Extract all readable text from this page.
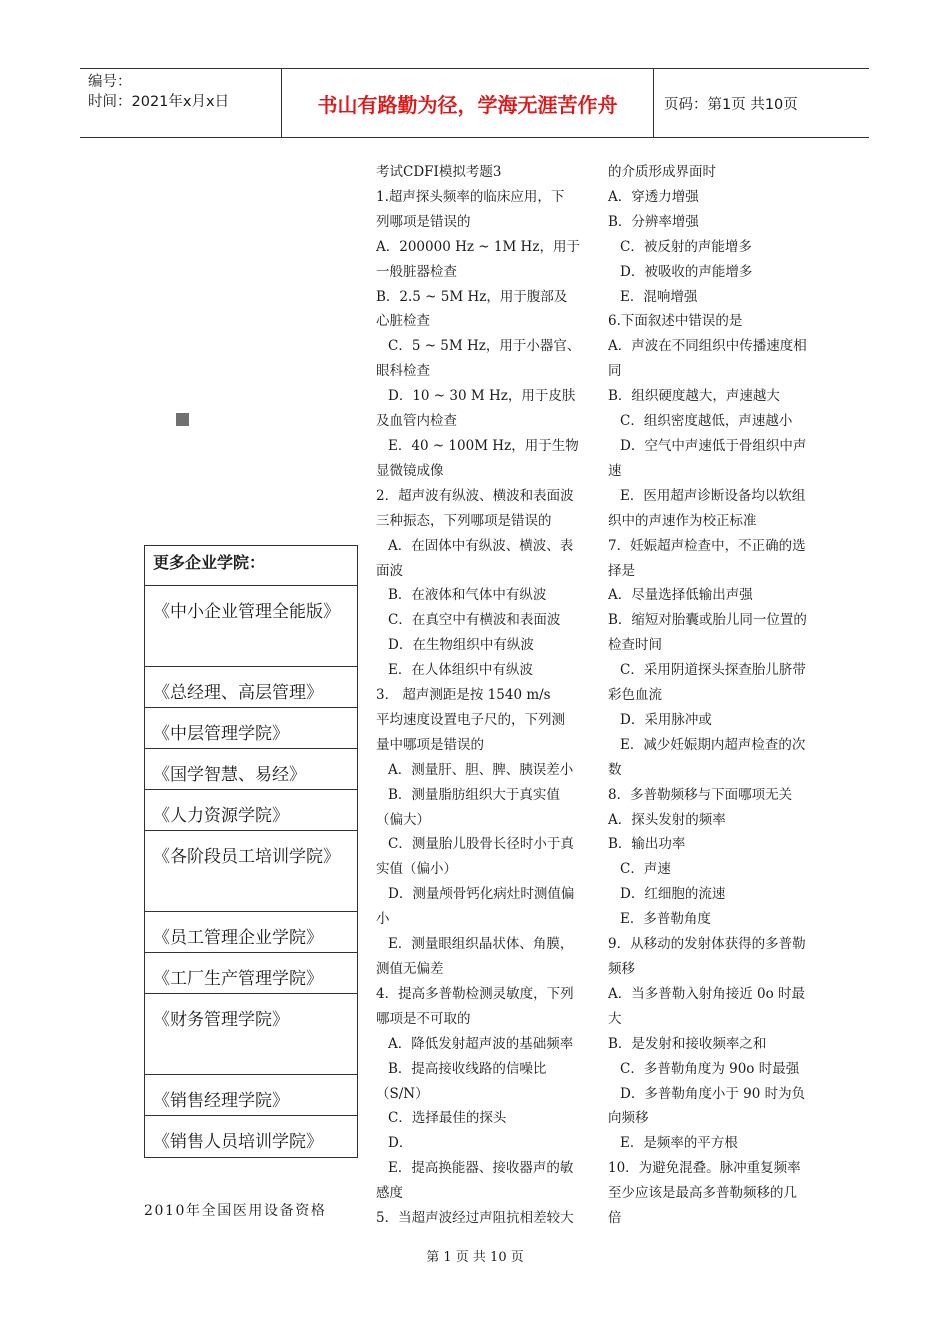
编号：
时间：2021年x月x日	书山有路勤为径，学海无涯苦作舟	页码：第1页 共10页
更多企业学院：
《中小企业管理全能版》
《总经理、高层管理》
《中层管理学院》
《国学智慧、易经》
《人力资源学院》
《各阶段员工培训学院》
《员工管理企业学院》
《工厂生产管理学院》
《财务管理学院》
《销售经理学院》
《销售人员培训学院》
2010年全国医用设备资格
考试CDFI模拟考题3
1.超声探头频率的临床应用，下
列哪项是错误的
A．200000 Hz ~ 1M Hz，用于
一般脏器检查
B．2.5 ~ 5M Hz，用于腹部及
心脏检查
C．5 ~ 5M Hz，用于小器官、
眼科检查
D．10 ~ 30 M Hz，用于皮肤
及血管内检查
E．40 ~ 100M Hz，用于生物
显微镜成像
2．超声波有纵波、横波和表面波
三种振态，下列哪项是错误的
A．在固体中有纵波、横波、表
面波
B．在液体和气体中有纵波
C．在真空中有横波和表面波
D．在生物组织中有纵波
E．在人体组织中有纵波
3． 超声测距是按 1540 m/s
平均速度设置电子尺的，下列测
量中哪项是错误的
A．测量肝、胆、脾、胰误差小
B．测量脂肪组织大于真实值
（偏大）
C．测量胎儿股骨长径时小于真
实值（偏小）
D．测量颅骨钙化病灶时测值偏
小
E．测量眼组织晶状体、角膜，
测值无偏差
4．提高多普勒检测灵敏度，下列
哪项是不可取的
A．降低发射超声波的基础频率
B．提高接收线路的信噪比
（S/N）
C．选择最佳的探头
D．
E．提高换能器、接收器声的敏
感度
5．当超声波经过声阻抗相差较大
的介质形成界面时
A．穿透力增强
B．分辨率增强
C．被反射的声能增多
D．被吸收的声能增多
E．混响增强
6.下面叙述中错误的是
A．声波在不同组织中传播速度相
同
B．组织硬度越大，声速越大
C．组织密度越低，声速越小
D．空气中声速低于骨组织中声
速
E．医用超声诊断设备均以软组
织中的声速作为校正标准
7．妊娠超声检查中，不正确的选
择是
A．尽量选择低输出声强
B．缩短对胎囊或胎儿同一位置的
检查时间
C．采用阴道探头探查胎儿脐带
彩色血流
D．采用脉冲或
E．减少妊娠期内超声检查的次
数
8．多普勒频移与下面哪项无关
A．探头发射的频率
B．输出功率
C．声速
D．红细胞的流速
E．多普勒角度
9．从移动的发射体获得的多普勒
频移
A．当多普勒入射角接近 0o 时最
大
B．是发射和接收频率之和
C．多普勒角度为 90o 时最强
D．多普勒角度小于 90 时为负
向频移
E．是频率的平方根
10．为避免混叠。脉冲重复频率
至少应该是最高多普勒频移的几
倍
第 1 页 共 10 页
